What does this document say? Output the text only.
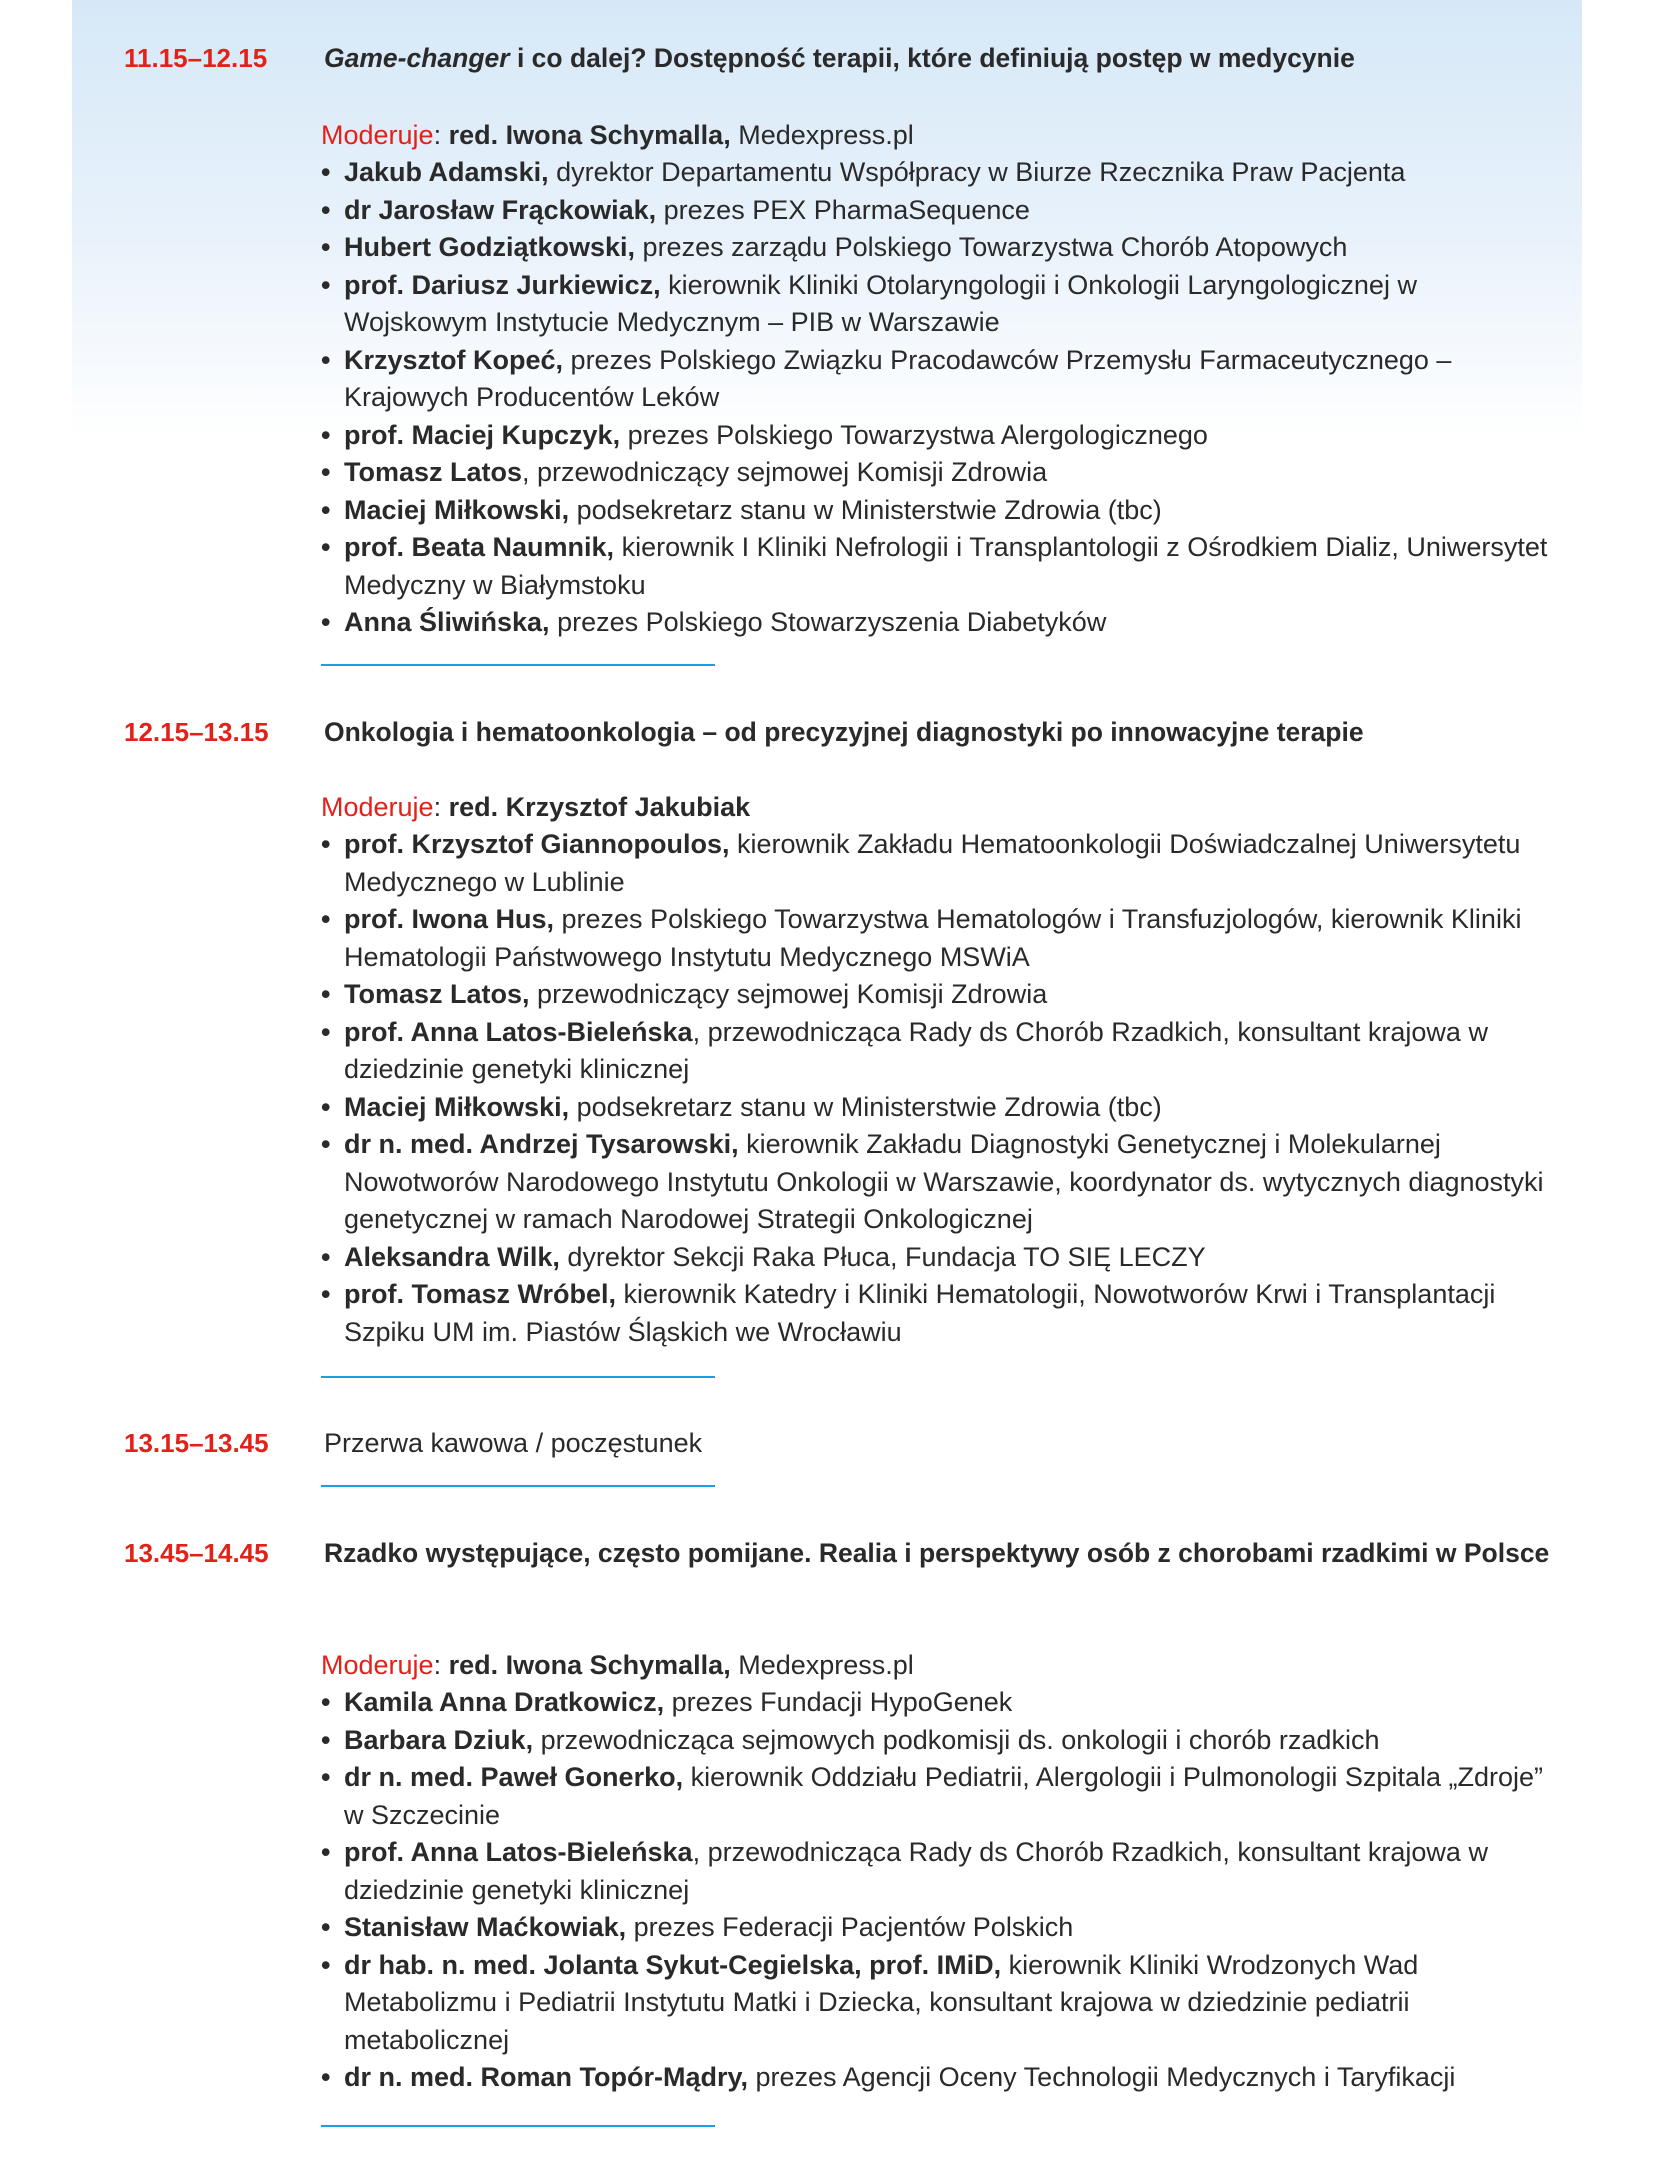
11.15–12.15 Game-changer i co dalej? Dostępność terapii, które definiują postęp w medycynie
Moderuje: red. Iwona Schymalla, Medexpress.pl
• Jakub Adamski, dyrektor Departamentu Współpracy w Biurze Rzecznika Praw Pacjenta
• dr Jarosław Frąckowiak, prezes PEX PharmaSequence
• Hubert Godziątkowski, prezes zarządu Polskiego Towarzystwa Chorób Atopowych
• prof. Dariusz Jurkiewicz, kierownik Kliniki Otolaryngologii i Onkologii Laryngologicznej w Wojskowym Instytucie Medycznym – PIB w Warszawie
• Krzysztof Kopeć, prezes Polskiego Związku Pracodawców Przemysłu Farmaceutycznego – Krajowych Producentów Leków
• prof. Maciej Kupczyk, prezes Polskiego Towarzystwa Alergologicznego
• Tomasz Latos, przewodniczący sejmowej Komisji Zdrowia
• Maciej Miłkowski, podsekretarz stanu w Ministerstwie Zdrowia (tbc)
• prof. Beata Naumnik, kierownik I Kliniki Nefrologii i Transplantologii z Ośrodkiem Dializ, Uniwersytet Medyczny w Białymstoku
• Anna Śliwińska, prezes Polskiego Stowarzyszenia Diabetyków
12.15–13.15 Onkologia i hematoonkologia – od precyzyjnej diagnostyki po innowacyjne terapie
Moderuje: red. Krzysztof Jakubiak
• prof. Krzysztof Giannopoulos, kierownik Zakładu Hematoonkologii Doświadczalnej Uniwersytetu Medycznego w Lublinie
• prof. Iwona Hus, prezes Polskiego Towarzystwa Hematologów i Transfuzjologów, kierownik Kliniki Hematologii Państwowego Instytutu Medycznego MSWiA
• Tomasz Latos, przewodniczący sejmowej Komisji Zdrowia
• prof. Anna Latos-Bieleńska, przewodnicząca Rady ds Chorób Rzadkich, konsultant krajowa w dziedzinie genetyki klinicznej
• Maciej Miłkowski, podsekretarz stanu w Ministerstwie Zdrowia (tbc)
• dr n. med. Andrzej Tysarowski, kierownik Zakładu Diagnostyki Genetycznej i Molekularnej Nowotworów Narodowego Instytutu Onkologii w Warszawie, koordynator ds. wytycznych diagnostyki genetycznej w ramach Narodowej Strategii Onkologicznej
• Aleksandra Wilk, dyrektor Sekcji Raka Płuca, Fundacja TO SIĘ LECZY
• prof. Tomasz Wróbel, kierownik Katedry i Kliniki Hematologii, Nowotworów Krwi i Transplantacji Szpiku UM im. Piastów Śląskich we Wrocławiu
13.15–13.45 Przerwa kawowa / poczęstunek
13.45–14.45 Rzadko występujące, często pomijane. Realia i perspektywy osób z chorobami rzadkimi w Polsce
Moderuje: red. Iwona Schymalla, Medexpress.pl
• Kamila Anna Dratkowicz, prezes Fundacji HypoGenek
• Barbara Dziuk, przewodnicząca sejmowych podkomisji ds. onkologii i chorób rzadkich
• dr n. med. Paweł Gonerko, kierownik Oddziału Pediatrii, Alergologii i Pulmonologii Szpitala „Zdroje” w Szczecinie
• prof. Anna Latos-Bieleńska, przewodnicząca Rady ds Chorób Rzadkich, konsultant krajowa w dziedzinie genetyki klinicznej
• Stanisław Maćkowiak, prezes Federacji Pacjentów Polskich
• dr hab. n. med. Jolanta Sykut-Cegielska, prof. IMiD, kierownik Kliniki Wrodzonych Wad Metabolizmu i Pediatrii Instytutu Matki i Dziecka, konsultant krajowa w dziedzinie pediatrii metabolicznej
• dr n. med. Roman Topór-Mądry, prezes Agencji Oceny Technologii Medycznych i Taryfikacji
